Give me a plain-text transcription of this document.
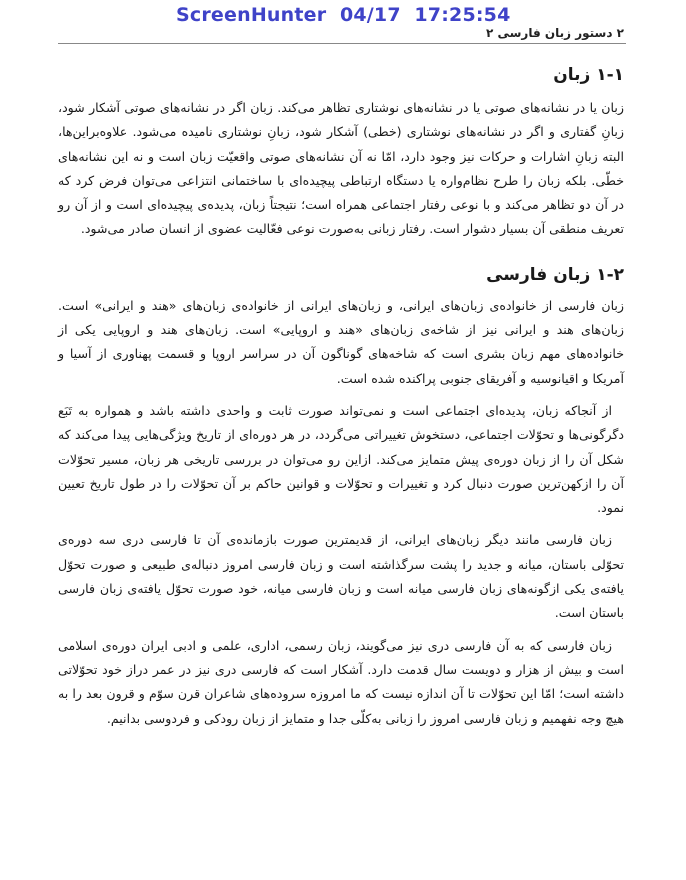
ScreenHunter  04/17  17:25:54
۲ دستور زبان فارسی ۲
۱-۱ زبان

زبان یا در نشانه‌های صوتی یا در نشانه‌های نوشتاری تظاهر می‌کند. زبان اگر در نشانه‌های صوتی آشکار شود، زبانِ گفتاری و اگر در نشانه‌های نوشتاری (خطی) آشکار شود، زبانِ نوشتاری نامیده می‌شود. علاوه‌براین‌ها، البته زبانِ اشارات و حرکات نیز وجود دارد، امّا نه آن نشانه‌های صوتی واقعیّت زبان است و نه این نشانه‌های خطّی. بلکه زبان را طرح نظام‌واره یا دستگاه ارتباطی پیچیده‌ای با ساختمانی انتزاعی می‌توان فرض کرد که در آن دو تظاهر می‌کند و با نوعی رفتار اجتماعی همراه است؛ نتیجتاً زبان، پدیده‌ی پیچیده‌ای است و از آن رو تعریف منطقی آن بسیار دشوار است. رفتار زبانی به‌صورت نوعی فعّالیت عضوی از انسان صادر می‌شود.

۱-۲ زبان فارسی

زبان فارسی از خانواده‌ی زبان‌های ایرانی، و زبان‌های ایرانی از خانواده‌ی زبان‌های «هند و ایرانی» است. زبان‌های هند و ایرانی نیز از شاخه‌ی زبان‌های «هند و اروپایی» است. زبان‌های هند و اروپایی یکی از خانواده‌های مهم زبان بشری است که شاخه‌های گوناگون آن در سراسر اروپا و قسمت پهناوری از آسیا و آمریکا و اقیانوسیه و آفریقای جنوبی پراکنده شده است.

از آنجاکه زبان، پدیده‌ای اجتماعی است و نمی‌تواند صورت ثابت و واحدی داشته باشد و همواره به تَبَع دگرگونی‌ها و تحوّلات اجتماعی، دستخوش تغییراتی می‌گردد، در هر دوره‌ای از تاریخ ویژگی‌هایی پیدا می‌کند که شکل آن را از زبان دوره‌ی پیش متمایز می‌کند. ازاین رو می‌توان در بررسی تاریخی هر زبان، مسیر تحوّلات آن را ازکهن‌ترین صورت دنبال کرد و تغییرات و تحوّلات و قوانین حاکم بر آن تحوّلات را در طول تاریخ تعیین نمود.

زبان فارسی مانند دیگر زبان‌های ایرانی، از قدیمترین صورت بازمانده‌ی آن تا فارسی دری سه دوره‌ی تحوّلی باستان، میانه و جدید را پشت سرگذاشته است و زبان فارسی امروز دنباله‌ی طبیعی و صورت تحوّل یافته‌ی یکی ازگونه‌های زبان فارسی میانه است و زبان فارسی میانه، خود صورت تحوّل یافته‌ی زبان فارسی باستان است.

زبان فارسی که به آن فارسی دری نیز می‌گویند، زبان رسمی، اداری، علمی و ادبی ایران دوره‌ی اسلامی است و بیش از هزار و دویست سال قدمت دارد. آشکار است که فارسی دری نیز در عمر دراز خود تحوّلاتی داشته است؛ امّا این تحوّلات تا آن اندازه نیست که ما امروزه سروده‌های شاعران قرن سوّم و قرون بعد را به هیچ وجه نفهمیم و زبان فارسی امروز را زبانی به‌کلّی جدا و متمایز از زبان رودکی و فردوسی بدانیم.
